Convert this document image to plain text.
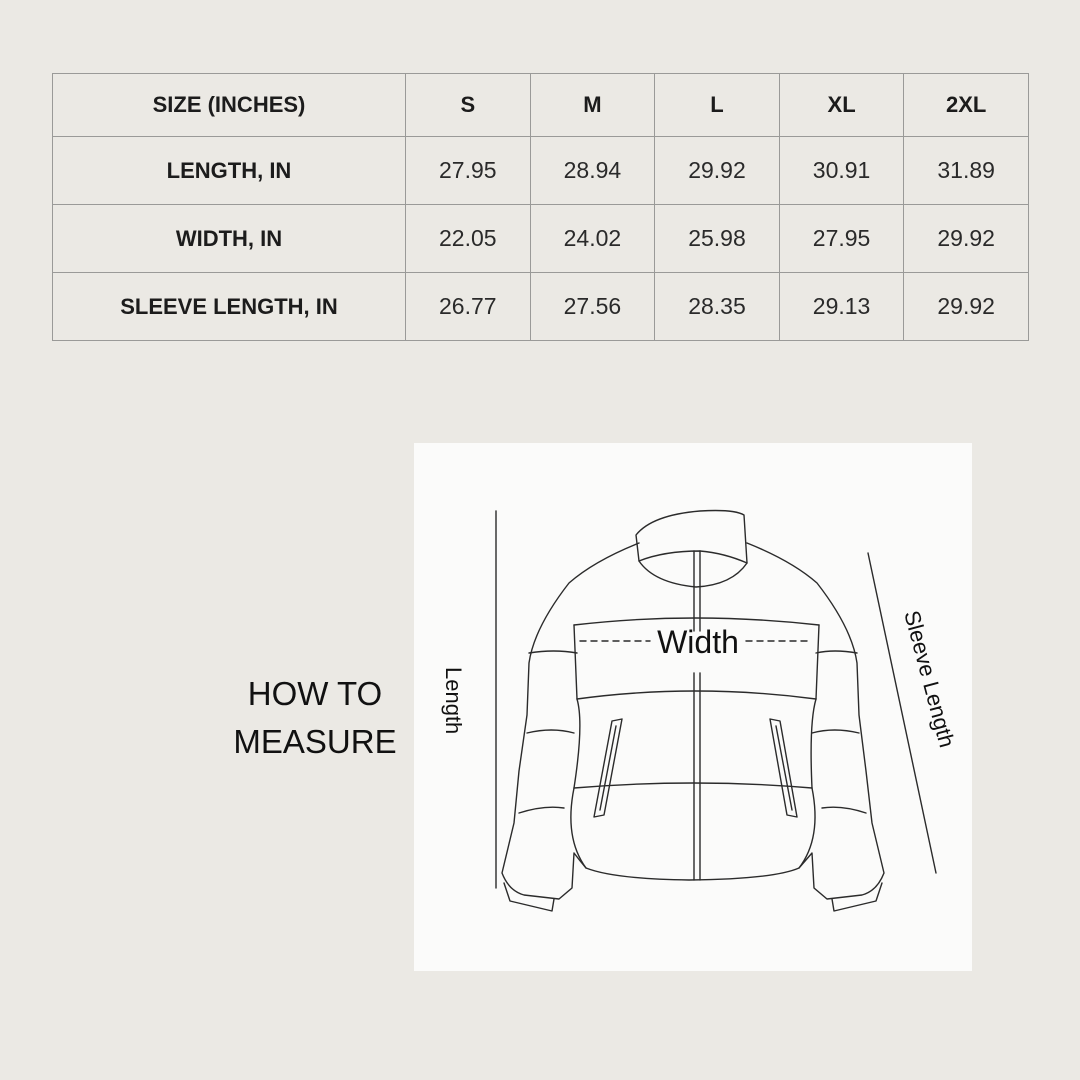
SIZE (INCHES)	S	M	L	XL	2XL
LENGTH, IN	27.95	28.94	29.92	30.91	31.89
WIDTH, IN	22.05	24.02	25.98	27.95	29.92
SLEEVE LENGTH, IN	26.77	27.56	28.35	29.13	29.92
HOW TO
MEASURE
Width
Length	Sleeve Length
